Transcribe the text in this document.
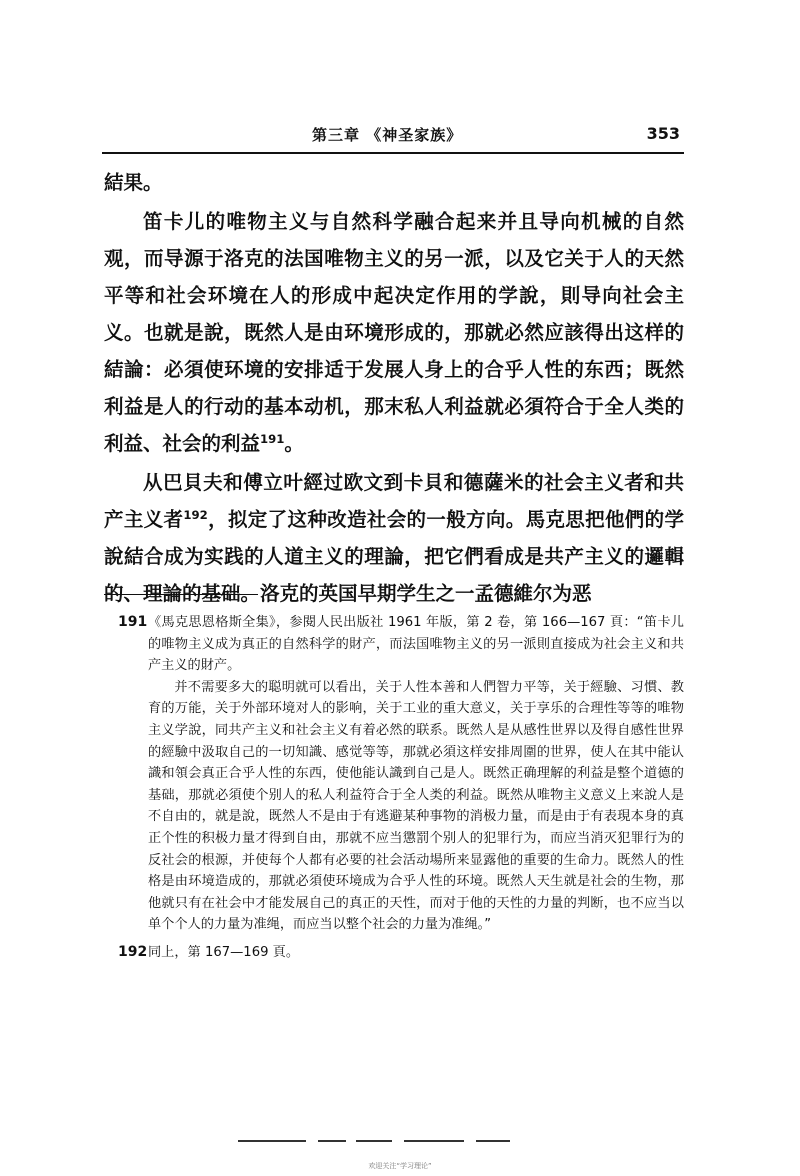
第三章 《神圣家族》	353

結果。

笛卡儿的唯物主义与自然科学融合起来并且导向机械的自然观，而导源于洛克的法国唯物主义的另一派，以及它关于人的天然平等和社会环境在人的形成中起决定作用的学說，則导向社会主义。也就是說，既然人是由环境形成的，那就必然应該得出这样的結論：必須使环境的安排适于发展人身上的合乎人性的东西；既然利益是人的行动的基本动机，那末私人利益就必須符合于全人类的利益、社会的利益$^{191}$。

从巴貝夫和傅立叶經过欧文到卡貝和德薩米的社会主义者和共产主义者$^{192}$，拟定了这种改造社会的一般方向。馬克思把他們的学說結合成为实践的人道主义的理論，把它們看成是共产主义的邏輯的、理論的基础。洛克的英国早期学生之一孟德維尔为恶

191 《馬克思恩格斯全集》，参閱人民出版社 1961 年版，第 2 卷，第 166—167 頁：“笛卡儿的唯物主义成为真正的自然科学的財产，而法国唯物主义的另一派則直接成为社会主义和共产主义的財产。

并不需要多大的聪明就可以看出，关于人性本善和人們智力平等，关于經驗、习慣、教育的万能，关于外部环境对人的影响，关于工业的重大意义，关于享乐的合理性等等的唯物主义学說，同共产主义和社会主义有着必然的联系。既然人是从感性世界以及得自感性世界的經驗中汲取自己的一切知識、感觉等等，那就必須这样安排周圍的世界，使人在其中能认識和領会真正合乎人性的东西，使他能认識到自己是人。既然正确理解的利益是整个道德的基础，那就必須使个别人的私人利益符合于全人类的利益。既然从唯物主义意义上来說人是不自由的，就是說，既然人不是由于有逃避某种事物的消极力量，而是由于有表現本身的真正个性的积极力量才得到自由，那就不应当懲罰个别人的犯罪行为，而应当消灭犯罪行为的反社会的根源，并使每个人都有必要的社会活动場所来显露他的重要的生命力。既然人的性格是由环境造成的，那就必須使环境成为合乎人性的环境。既然人天生就是社会的生物，那他就只有在社会中才能发展自己的真正的天性，而对于他的天性的力量的判断，也不应当以单个个人的力量为准绳，而应当以整个社会的力量为准绳。”

192 同上，第 167—169 頁。

欢迎关注“学习理论”
